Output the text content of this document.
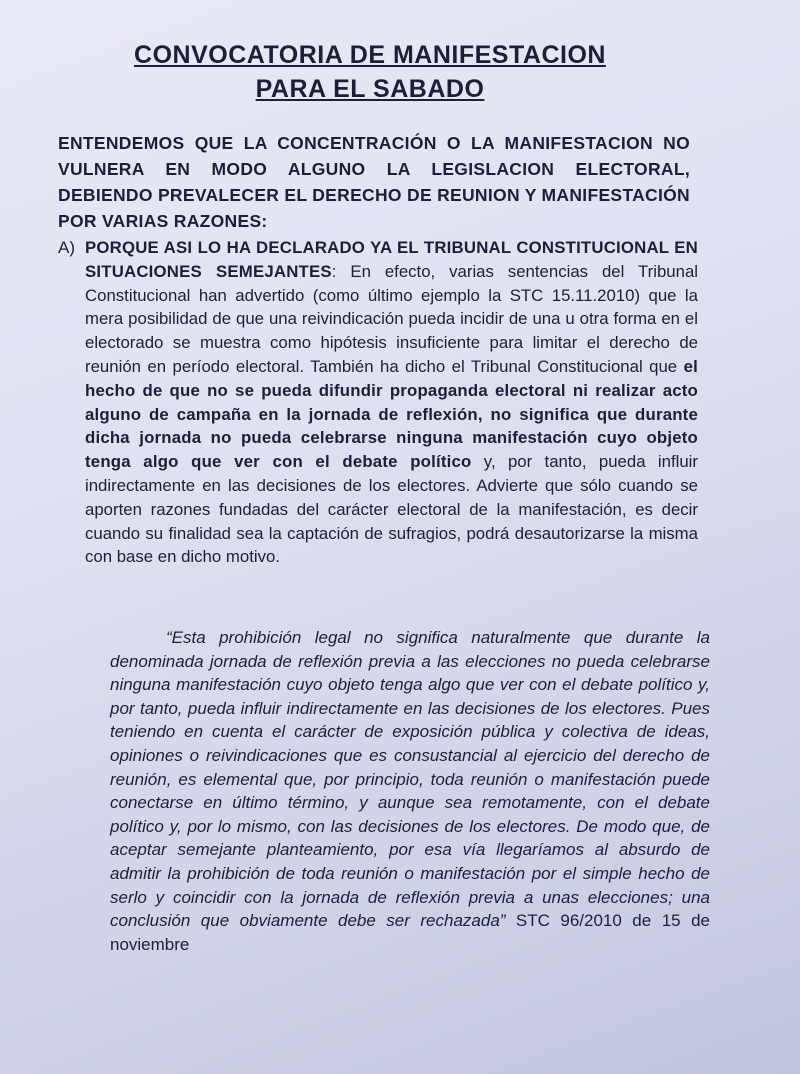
CONVOCATORIA DE MANIFESTACION
PARA EL SABADO
ENTENDEMOS QUE LA CONCENTRACIÓN O LA MANIFESTACION NO VULNERA EN MODO ALGUNO LA LEGISLACION ELECTORAL, DEBIENDO PREVALECER EL DERECHO DE REUNION Y MANIFESTACIÓN POR VARIAS RAZONES:
A) PORQUE ASI LO HA DECLARADO YA EL TRIBUNAL CONSTITUCIONAL EN SITUACIONES SEMEJANTES: En efecto, varias sentencias del Tribunal Constitucional han advertido (como último ejemplo la STC 15.11.2010) que la mera posibilidad de que una reivindicación pueda incidir de una u otra forma en el electorado se muestra como hipótesis insuficiente para limitar el derecho de reunión en período electoral. También ha dicho el Tribunal Constitucional que el hecho de que no se pueda difundir propaganda electoral ni realizar acto alguno de campaña en la jornada de reflexión, no significa que durante dicha jornada no pueda celebrarse ninguna manifestación cuyo objeto tenga algo que ver con el debate político y, por tanto, pueda influir indirectamente en las decisiones de los electores. Advierte que sólo cuando se aporten razones fundadas del carácter electoral de la manifestación, es decir cuando su finalidad sea la captación de sufragios, podrá desautorizarse la misma con base en dicho motivo.
“Esta prohibición legal no significa naturalmente que durante la denominada jornada de reflexión previa a las elecciones no pueda celebrarse ninguna manifestación cuyo objeto tenga algo que ver con el debate político y, por tanto, pueda influir indirectamente en las decisiones de los electores. Pues teniendo en cuenta el carácter de exposición pública y colectiva de ideas, opiniones o reivindicaciones que es consustancial al ejercicio del derecho de reunión, es elemental que, por principio, toda reunión o manifestación puede conectarse en último término, y aunque sea remotamente, con el debate político y, por lo mismo, con las decisiones de los electores. De modo que, de aceptar semejante planteamiento, por esa vía llegaríamos al absurdo de admitir la prohibición de toda reunión o manifestación por el simple hecho de serlo y coincidir con la jornada de reflexión previa a unas elecciones; una conclusión que obviamente debe ser rechazada” STC 96/2010 de 15 de noviembre
